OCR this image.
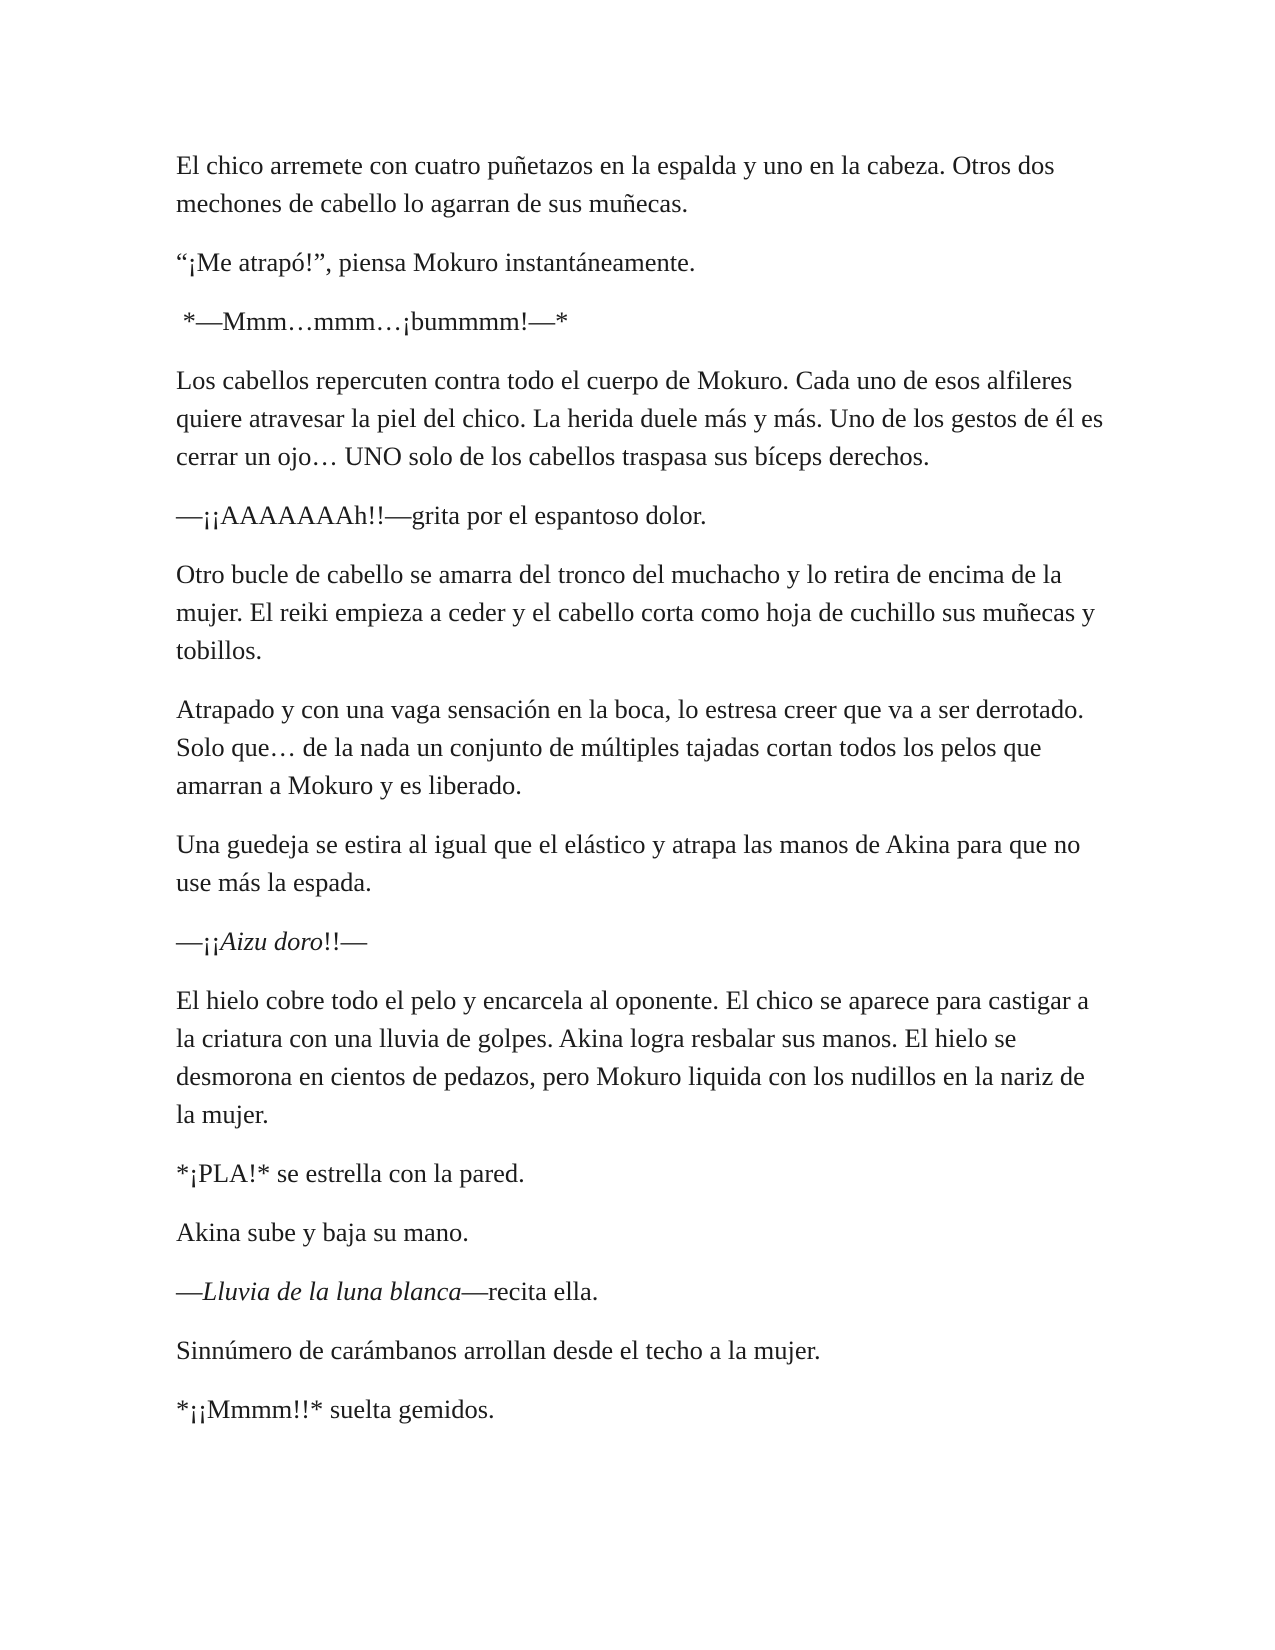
El chico arremete con cuatro puñetazos en la espalda y uno en la cabeza. Otros dos mechones de cabello lo agarran de sus muñecas.

“¡Me atrapó!”, piensa Mokuro instantáneamente.

*—Mmm…mmm…¡bummmm!—*

Los cabellos repercuten contra todo el cuerpo de Mokuro. Cada uno de esos alfileres quiere atravesar la piel del chico. La herida duele más y más. Uno de los gestos de él es cerrar un ojo… UNO solo de los cabellos traspasa sus bíceps derechos.

—¡¡AAAAAAAh!!—grita por el espantoso dolor.

Otro bucle de cabello se amarra del tronco del muchacho y lo retira de encima de la mujer. El reiki empieza a ceder y el cabello corta como hoja de cuchillo sus muñecas y tobillos.

Atrapado y con una vaga sensación en la boca, lo estresa creer que va a ser derrotado. Solo que… de la nada un conjunto de múltiples tajadas cortan todos los pelos que amarran a Mokuro y es liberado.

Una guedeja se estira al igual que el elástico y atrapa las manos de Akina para que no use más la espada.

—¡¡Aizu doro!!—

El hielo cobre todo el pelo y encarcela al oponente. El chico se aparece para castigar a la criatura con una lluvia de golpes. Akina logra resbalar sus manos. El hielo se desmorona en cientos de pedazos, pero Mokuro liquida con los nudillos en la nariz de la mujer.

*¡PLA!* se estrella con la pared.

Akina sube y baja su mano.

—Lluvia de la luna blanca—recita ella.

Sinnúmero de carámbanos arrollan desde el techo a la mujer.

*¡¡Mmmm!!* suelta gemidos.
